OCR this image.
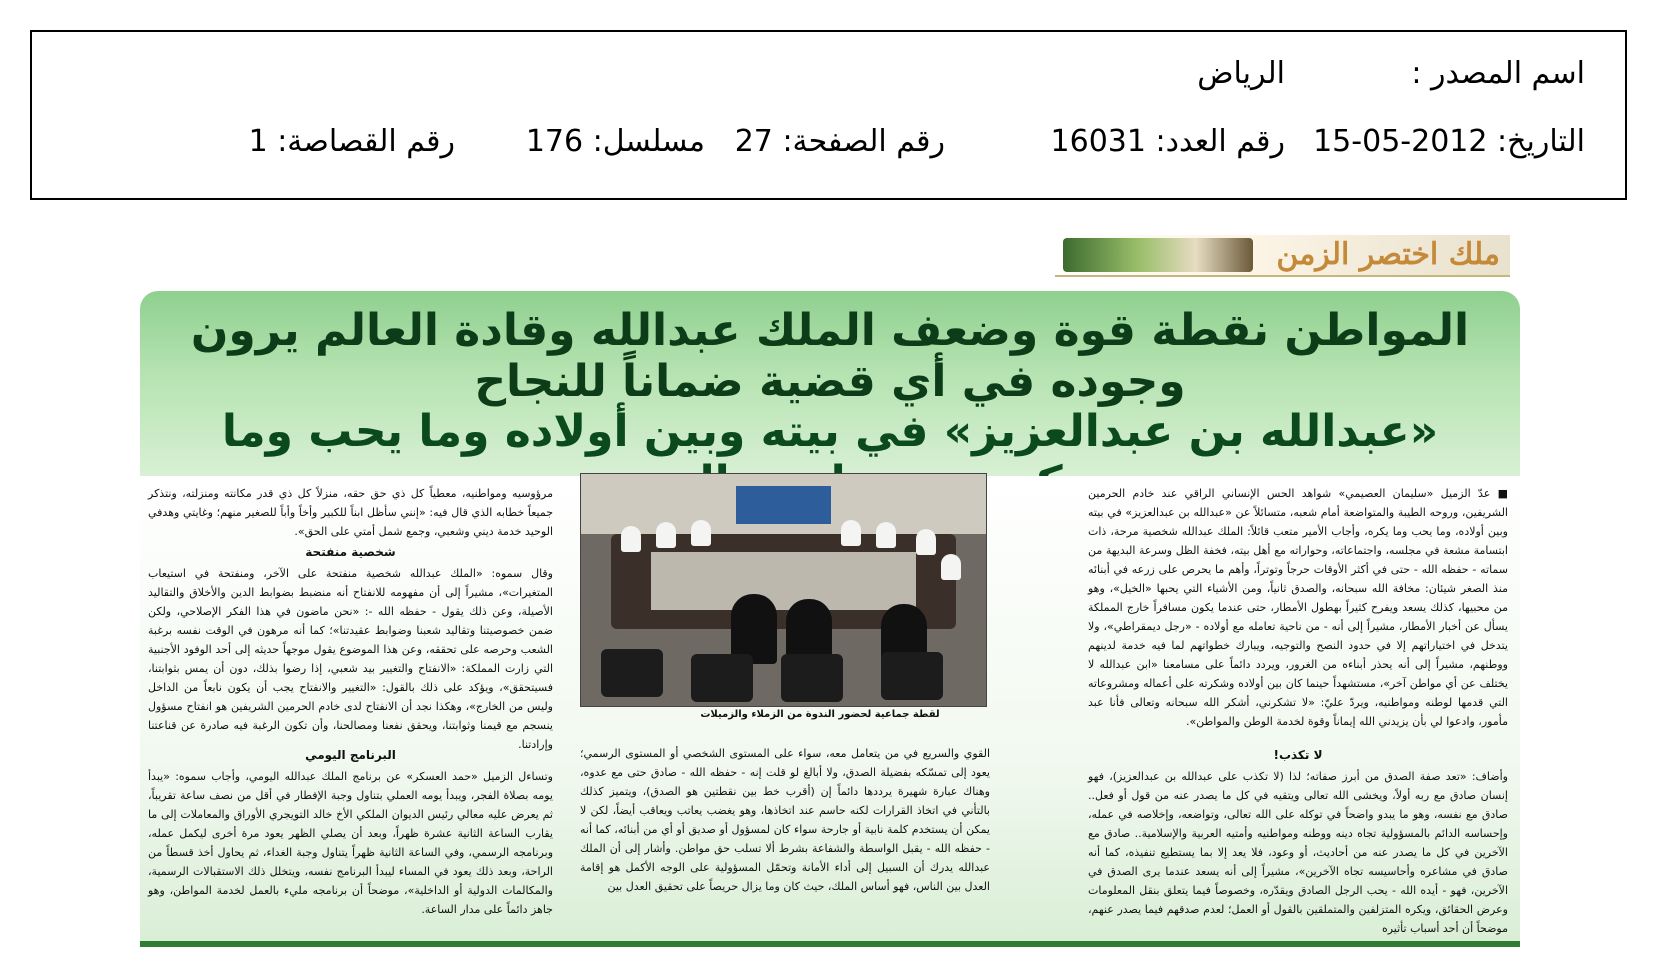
اسم المصدر :
الرياض
التاريخ: 2012-05-15
رقم العدد: 16031
رقم الصفحة: 27
مسلسل: 176
رقم القصاصة: 1
ملك اختصر الزمن
المواطن نقطة قوة وضعف الملك عبدالله وقادة العالم يرون وجوده في أي قضية ضماناً للنجاح
«عبدالله بن عبدالعزيز» في بيته وبين أولاده وما يحب وما
■ عدّ الزميل «سليمان العصيمي» شواهد الحس الإنساني الراقي عند خادم الحرمين الشريفين، وروحه الطيبة والمتواضعة أمام شعبه، متسائلاً عن «عبدالله بن عبدالعزيز» في بيته وبين أولاده، وما يحب وما يكره، وأجاب الأمير متعب قائلاً: الملك عبدالله شخصية مرحة، ذات ابتسامة مشعة في مجلسه، واجتماعاته، وحواراته مع أهل بيته، فخفة الظل وسرعة البديهة من سماته - حفظه الله - حتى في أكثر الأوقات حرجاً وتوتراً، وأهم ما يحرص على زرعه في أبنائه منذ الصغر شيئان: مخافة الله سبحانه، والصدق ثانياً، ومن الأشياء التي يحبها «الخيل»، وهو من محبيها، كذلك يسعد ويفرح كثيراً بهطول الأمطار، حتى عندما يكون مسافراً خارج المملكة يسأل عن أخبار الأمطار، مشيراً إلى أنه - من ناحية تعامله مع أولاده - «رجل ديمقراطي»، ولا يتدخل في اختياراتهم إلا في حدود النصح والتوجيه، ويبارك خطواتهم لما فيه خدمة لدينهم ووطنهم، مشيراً إلى أنه يحذر أبناءه من الغرور، ويردد دائماً على مسامعنا «ابن عبدالله لا يختلف عن أي مواطن آخر»، مستشهداً حينما كان بين أولاده وشكرته على أعماله ومشروعاته التي قدمها لوطنه ومواطنيه، ويردّ عليّ: «لا تشكرني، أشكر الله سبحانه وتعالى فأنا عبد مأمور، وادعوا لي بأن يزيدني الله إيماناً وقوة لخدمة الوطن والمواطن».
مرؤوسيه ومواطنيه، معطياً كل ذي حق حقه، منزلاً كل ذي قدر مكانته ومنزلته، ونتذكر جميعاً خطابه الذي قال فيه: «إنني سأظل ابناً للكبير وأخاً وأباً للصغير منهم؛ وغايتي وهدفي الوحيد خدمة ديني وشعبي، وجمع شمل أمتي على الحق».
شخصية منفتحة
وقال سموه: «الملك عبدالله شخصية منفتحة على الآخر، ومنفتحة في استيعاب المتغيرات»، مشيراً إلى أن مفهومه للانفتاح أنه منضبط بضوابط الدين والأخلاق والتقاليد الأصيلة، وعن ذلك يقول - حفظه الله -: «نحن ماضون في هذا الفكر الإصلاحي، ولكن ضمن خصوصيتنا وتقاليد شعبنا وضوابط عقيدتنا»؛ كما أنه مرهون في الوقت نفسه برغبة الشعب وحرصه على تحققه، وعن هذا الموضوع يقول موجهاً حديثه إلى أحد الوفود الأجنبية التي زارت المملكة: «الانفتاح والتغيير بيد شعبي، إذا رضوا بذلك، دون أن يمس بثوابتنا، فسيتحقق»، ويؤكد على ذلك بالقول: «التغيير والانفتاح يجب أن يكون نابعاً من الداخل وليس من الخارج»، وهكذا نجد أن الانفتاح لدى خادم الحرمين الشريفين هو انفتاح مسؤول ينسجم مع قيمنا وثوابتنا، ويحقق نفعنا ومصالحنا، وأن تكون الرغبة فيه صادرة عن قناعتنا وإرادتنا.
لا تكذب!
وأضاف: «تعد صفة الصدق من أبرز صفاته؛ لذا (لا تكذب على عبدالله بن عبدالعزيز)، فهو إنسان صادق مع ربه أولاً، ويخشى الله تعالى ويتقيه في كل ما يصدر عنه من قول أو فعل.. صادق مع نفسه، وهو ما يبدو واضحاً في توكله على الله تعالى، وتواضعه، وإخلاصه في عمله، وإحساسه الدائم بالمسؤولية تجاه دينه ووطنه ومواطنيه وأمتيه العربية والإسلامية.. صادق مع الآخرين في كل ما يصدر عنه من أحاديث، أو وعود، فلا يعد إلا بما يستطيع تنفيذه، كما أنه صادق في مشاعره وأحاسيسه تجاه الآخرين»، مشيراً إلى أنه يسعد عندما يرى الصدق في الآخرين، فهو - أيده الله - يحب الرجل الصادق ويقدّره، وخصوصاً فيما يتعلق بنقل المعلومات وعرض الحقائق، ويكره المتزلفين والمتملقين بالقول أو العمل؛ لعدم صدقهم فيما يصدر عنهم، موضحاً أن أحد أسباب تأثيره
القوي والسريع في من يتعامل معه، سواء على المستوى الشخصي أو المستوى الرسمي؛ يعود إلى تمسّكه بفضيلة الصدق، ولا أبالغ لو قلت إنه - حفظه الله - صادق حتى مع عدوه، وهناك عبارة شهيرة يرددها دائماً إن (أقرب خط بين نقطتين هو الصدق)، ويتميز كذلك بالتأني في اتخاذ القرارات لكنه حاسم عند اتخاذها، وهو يغضب يعاتب ويعاقب أيضاً، لكن لا يمكن أن يستخدم كلمة نابية أو جارحة سواء كان لمسؤول أو صديق أو أي من أبنائه، كما أنه - حفظه الله - يقبل الواسطة والشفاعة بشرط ألا تسلب حق مواطن. وأشار إلى أن الملك عبدالله يدرك أن السبيل إلى أداء الأمانة وتحمّل المسؤولية على الوجه الأكمل هو إقامة العدل بين الناس، فهو أساس الملك، حيث كان وما يزال حريصاً على تحقيق العدل بين
البرنامج اليومي
وتساءل الزميل «حمد العسكر» عن برنامج الملك عبدالله اليومي، وأجاب سموه: «يبدأ يومه بصلاة الفجر، ويبدأ يومه العملي بتناول وجبة الإفطار في أقل من نصف ساعة تقريباً، ثم يعرض عليه معالي رئيس الديوان الملكي الأخ خالد التويجري الأوراق والمعاملات إلى ما يقارب الساعة الثانية عشرة ظهراً، وبعد أن يصلي الظهر يعود مرة أخرى ليكمل عمله، وبرنامجه الرسمي، وفي الساعة الثانية ظهراً يتناول وجبة الغداء، ثم يحاول أخذ قسطاً من الراحة، وبعد ذلك يعود في المساء ليبدأ البرنامج نفسه، ويتخلل ذلك الاستقبالات الرسمية، والمكالمات الدولية أو الداخلية»، موضحاً أن برنامجه مليء بالعمل لخدمة المواطن، وهو جاهز دائماً على مدار الساعة.
لقطة جماعية لحضور الندوة من الزملاء والزميلات
